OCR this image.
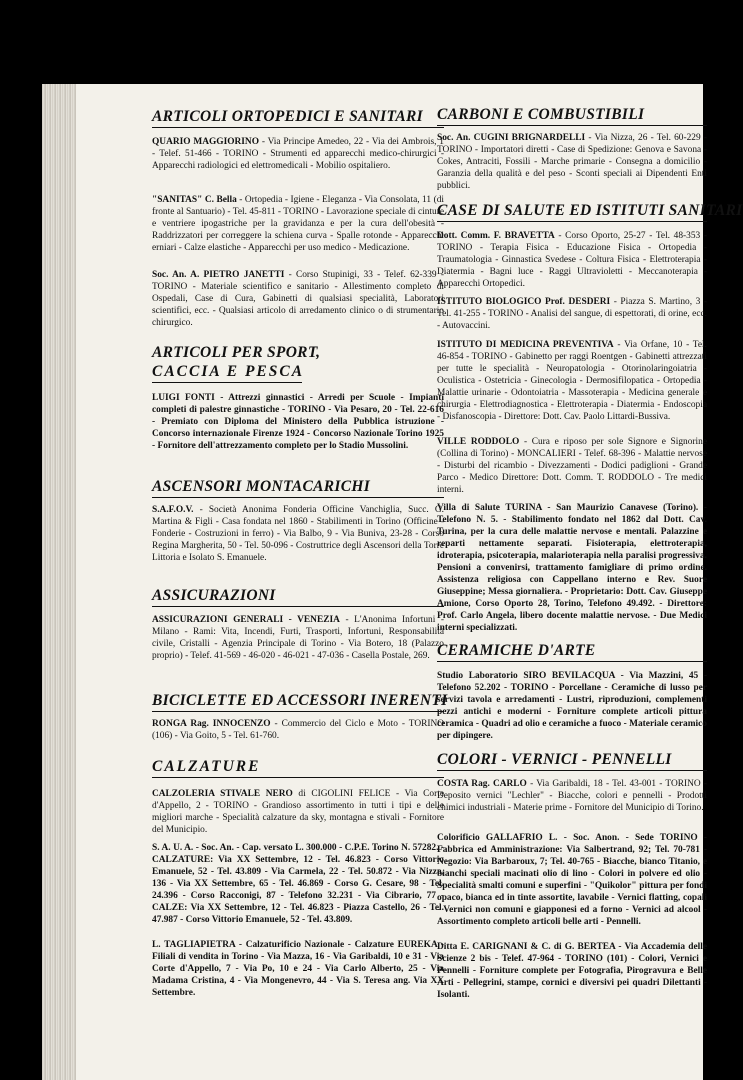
ARTICOLI ORTOPEDICI E SANITARI

QUARIO MAGGIORINO - Via Principe Amedeo, 22 - Via dei Ambrois, 1 - Telef. 51-466 - TORINO - Strumenti ed apparecchi medico-chirurgici - Apparecchi radiologici ed elettromedicali - Mobilio ospitaliero.

"SANITAS" C. Bella - Ortopedia - Igiene - Eleganza - Via Consolata, 11 (di fronte al Santuario) - Tel. 45-811 - TORINO - Lavorazione speciale di cinture e ventriere ipogastriche per la gravidanza e per la cura dell'obesità - Raddrizzatori per correggere la schiena curva - Spalle rotonde - Apparecchi erniari - Calze elastiche - Apparecchi per uso medico - Medicazione.

Soc. An. A. PIETRO JANETTI - Corso Stupinigi, 33 - Telef. 62-339 - TORINO - Materiale scientifico e sanitario - Allestimento completo di Ospedali, Case di Cura, Gabinetti di qualsiasi specialità, Laboratori scientifici, ecc. - Qualsiasi articolo di arredamento clinico o di strumentario chirurgico.

ARTICOLI PER SPORT,
CACCIA E PESCA

LUIGI FONTI - Attrezzi ginnastici - Arredi per Scuole - Impianti completi di palestre ginnastiche - TORINO - Via Pesaro, 20 - Tel. 22-616 - Premiato con Diploma del Ministero della Pubblica istruzione - Concorso internazionale Firenze 1924 - Concorso Nazionale Torino 1925 - Fornitore dell'attrezzamento completo per lo Stadio Mussolini.

ASCENSORI MONTACARICHI

S.A.F.O.V. - Società Anonima Fonderia Officine Vanchiglia, Succ. G. Martina & Figli - Casa fondata nel 1860 - Stabilimenti in Torino (Officine - Fonderie - Costruzioni in ferro) - Via Balbo, 9 - Via Buniva, 23-28 - Corso Regina Margherita, 50 - Tel. 50-096 - Costruttrice degli Ascensori della Torre Littoria e Isolato S. Emanuele.

ASSICURAZIONI

ASSICURAZIONI GENERALI - VENEZIA - L'Anonima Infortuni - Milano - Rami: Vita, Incendi, Furti, Trasporti, Infortuni, Responsabilità civile, Cristalli - Agenzia Principale di Torino - Via Botero, 18 (Palazzo proprio) - Telef. 41-569 - 46-020 - 46-021 - 47-036 - Casella Postale, 269.

BICICLETTE ED ACCESSORI INERENTI

RONGA Rag. INNOCENZO - Commercio del Ciclo e Moto - TORINO (106) - Via Goito, 5 - Tel. 61-760.

CALZATURE

CALZOLERIA STIVALE NERO di CIGOLINI FELICE - Via Corte d'Appello, 2 - TORINO - Grandioso assortimento in tutti i tipi e delle migliori marche - Specialità calzature da sky, montagna e stivali - Fornitore del Municipio.

S. A. U. A. - Soc. An. - Cap. versato L. 300.000 - C.P.E. Torino N. 57282. - CALZATURE: Via XX Settembre, 12 - Tel. 46.823 - Corso Vittorio Emanuele, 52 - Tel. 43.809 - Via Carmela, 22 - Tel. 50.872 - Via Nizza, 136 - Via XX Settembre, 65 - Tel. 46.869 - Corso G. Cesare, 98 - Tel. 24.396 - Corso Racconigi, 87 - Telefono 32.231 - Via Cibrario, 77 - CALZE: Via XX Settembre, 12 - Tel. 46.823 - Piazza Castello, 26 - Tel. 47.987 - Corso Vittorio Emanuele, 52 - Tel. 43.809.

L. TAGLIAPIETRA - Calzaturificio Nazionale - Calzature EUREKA - Filiali di vendita in Torino - Via Mazza, 16 - Via Garibaldi, 10 e 31 - Via Corte d'Appello, 7 - Via Po, 10 e 24 - Via Carlo Alberto, 25 - Via Madama Cristina, 4 - Via Mongenevro, 44 - Via S. Teresa ang. Via XX Settembre.

CARBONI E COMBUSTIBILI

Soc. An. CUGINI BRIGNARDELLI - Via Nizza, 26 - Tel. 60-229 - TORINO - Importatori diretti - Case di Spedizione: Genova e Savona - Cokes, Antraciti, Fossili - Marche primarie - Consegna a domicilio - Garanzia della qualità e del peso - Sconti speciali ai Dipendenti Enti pubblici.

CASE DI SALUTE ED ISTITUTI SANITARI

Dott. Comm. F. BRAVETTA - Corso Oporto, 25-27 - Tel. 48-353 - TORINO - Terapia Fisica - Educazione Fisica - Ortopedia - Traumatologia - Ginnastica Svedese - Coltura Fisica - Elettroterapia - Diatermia - Bagni luce - Raggi Ultravioletti - Meccanoterapia - Apparecchi Ortopedici.

ISTITUTO BIOLOGICO Prof. DESDERI - Piazza S. Martino, 3 - Tel. 41-255 - TORINO - Analisi del sangue, di espettorati, di orine, ecc. - Autovaccini.

ISTITUTO DI MEDICINA PREVENTIVA - Via Orfane, 10 - Tel. 46-854 - TORINO - Gabinetto per raggi Roentgen - Gabinetti attrezzati per tutte le specialità - Neuropatologia - Otorinolaringoiatria - Oculistica - Ostetricia - Ginecologia - Dermosifilopatica - Ortopedia - Malattie urinarie - Odontoiatria - Massoterapia - Medicina generale e chirurgia - Elettrodiagnostica - Elettroterapia - Diatermia - Endoscopia - Disfanoscopia - Direttore: Dott. Cav. Paolo Littardi-Bussiva.

VILLE RODDOLO - Cura e riposo per sole Signore e Signorine (Collina di Torino) - MONCALIERI - Telef. 68-396 - Malattie nervose - Disturbi del ricambio - Divezzamenti - Dodici padiglioni - Grande Parco - Medico Direttore: Dott. Comm. T. RODDOLO - Tre medici interni.

Villa di Salute TURINA - San Maurizio Canavese (Torino). - Telefono N. 5. - Stabilimento fondato nel 1862 dal Dott. Cav. Turina, per la cura delle malattie nervose e mentali. Palazzine e reparti nettamente separati. Fisioterapia, elettroterapia, idroterapia, psicoterapia, malarioterapia nella paralisi progressiva. Pensioni a convenirsi, trattamento famigliare di primo ordine. Assistenza religiosa con Cappellano interno e Rev. Suore Giuseppine; Messa giornaliera. - Proprietario: Dott. Cav. Giuseppe Amione, Corso Oporto 28, Torino, Telefono 49.492. - Direttore: Prof. Carlo Angela, libero docente malattie nervose. - Due Medici interni specializzati.

CERAMICHE D'ARTE

Studio Laboratorio SIRO BEVILACQUA - Via Mazzini, 45 - Telefono 52.202 - TORINO - Porcellane - Ceramiche di lusso per servizi tavola e arredamenti - Lustri, riproduzioni, complementi pezzi antichi e moderni - Forniture complete articoli pittura ceramica - Quadri ad olio e ceramiche a fuoco - Materiale ceramico per dipingere.

COLORI - VERNICI - PENNELLI

COSTA Rag. CARLO - Via Garibaldi, 18 - Tel. 43-001 - TORINO - Deposito vernici "Lechler" - Biacche, colori e pennelli - Prodotti chimici industriali - Materie prime - Fornitore del Municipio di Torino.

Colorificio GALLAFRIO L. - Soc. Anon. - Sede TORINO - Fabbrica ed Amministrazione: Via Salbertrand, 92; Tel. 70-781 - Negozio: Via Barbaroux, 7; Tel. 40-765 - Biacche, bianco Titanio, e bianchi speciali macinati olio di lino - Colori in polvere ed olio - Specialità smalti comuni e superfini - "Quikolor" pittura per fondi opaco, bianca ed in tinte assortite, lavabile - Vernici flatting, copali - Vernici non comuni e giapponesi ed a forno - Vernici ad alcool - Assortimento completo articoli belle arti - Pennelli.

Ditta E. CARIGNANI & C. di G. BERTEA - Via Accademia delle Scienze 2 bis - Telef. 47-964 - TORINO (101) - Colori, Vernici e Pennelli - Forniture complete per Fotografia, Pirogravura e Belle Arti - Pellegrini, stampe, cornici e diversivi pei quadri Dilettanti - Isolanti.
